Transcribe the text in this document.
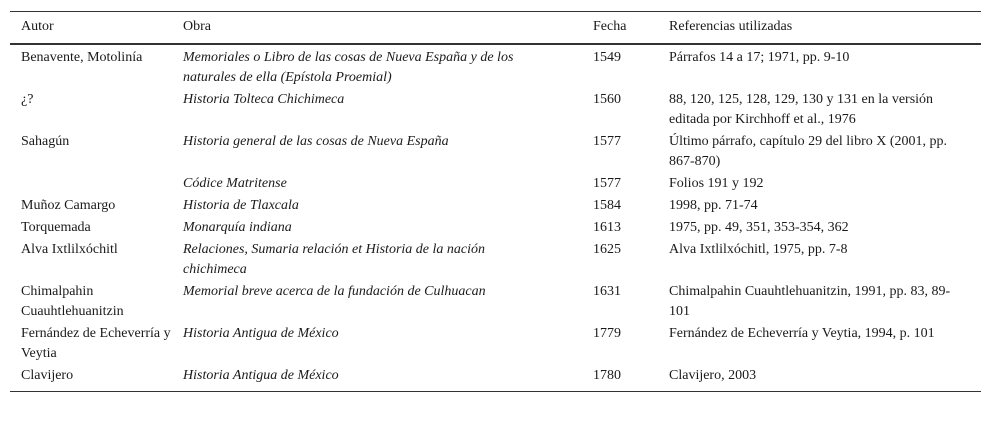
Autor	Obra	Fecha	Referencias utilizadas
Benavente, Motolinía	Memoriales o Libro de las cosas de Nueva España y de los naturales de ella (Epístola Proemial)	1549	Párrafos 14 a 17; 1971, pp. 9-10
¿?	Historia Tolteca Chichimeca	1560	88, 120, 125, 128, 129, 130 y 131 en la versión editada por Kirchhoff et al., 1976
Sahagún	Historia general de las cosas de Nueva España	1577	Último párrafo, capítulo 29 del libro X (2001, pp. 867-870)
	Códice Matritense	1577	Folios 191 y 192
Muñoz Camargo	Historia de Tlaxcala	1584	1998, pp. 71-74
Torquemada	Monarquía indiana	1613	1975, pp. 49, 351, 353-354, 362
Alva Ixtlilxóchitl	Relaciones, Sumaria relación et Historia de la nación chichimeca	1625	Alva Ixtlilxóchitl, 1975, pp. 7-8
Chimalpahin Cuauhtlehuanitzin	Memorial breve acerca de la fundación de Culhuacan	1631	Chimalpahin Cuauhtlehuanitzin, 1991, pp. 83, 89-101
Fernández de Echeverría y Veytia	Historia Antigua de México	1779	Fernández de Echeverría y Veytia, 1994, p. 101
Clavijero	Historia Antigua de México	1780	Clavijero, 2003
